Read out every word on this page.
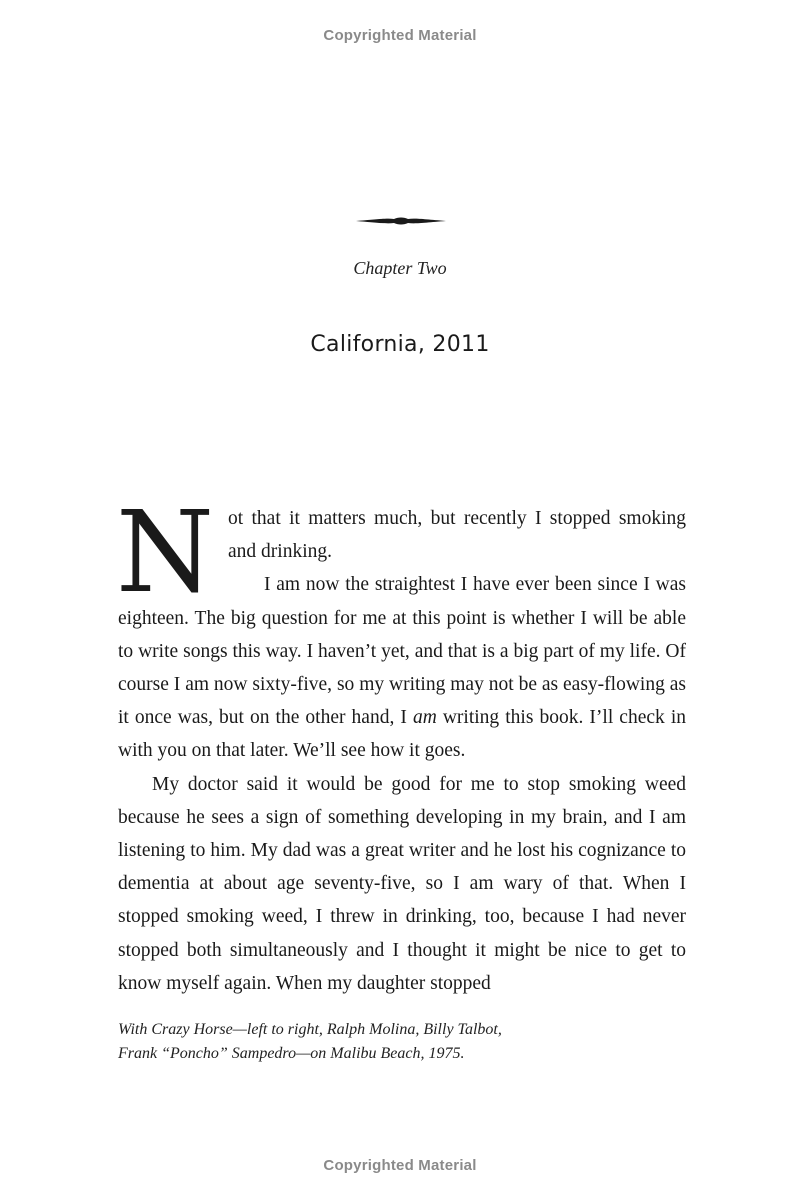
Copyrighted Material
Chapter Two
California, 2011

Not that it matters much, but recently I stopped smoking and drinking.
I am now the straightest I have ever been since I was eighteen. The big question for me at this point is whether I will be able to write songs this way. I haven’t yet, and that is a big part of my life. Of course I am now sixty-five, so my writing may not be as easy-flowing as it once was, but on the other hand, I am writing this book. I’ll check in with you on that later. We’ll see how it goes.

My doctor said it would be good for me to stop smoking weed because he sees a sign of something developing in my brain, and I am listening to him. My dad was a great writer and he lost his cognizance to dementia at about age seventy-five, so I am wary of that. When I stopped smoking weed, I threw in drinking, too, because I had never stopped both simultaneously and I thought it might be nice to get to know myself again. When my daughter stopped

With Crazy Horse—left to right, Ralph Molina, Billy Talbot,
Frank “Poncho” Sampedro—on Malibu Beach, 1975.
Copyrighted Material
